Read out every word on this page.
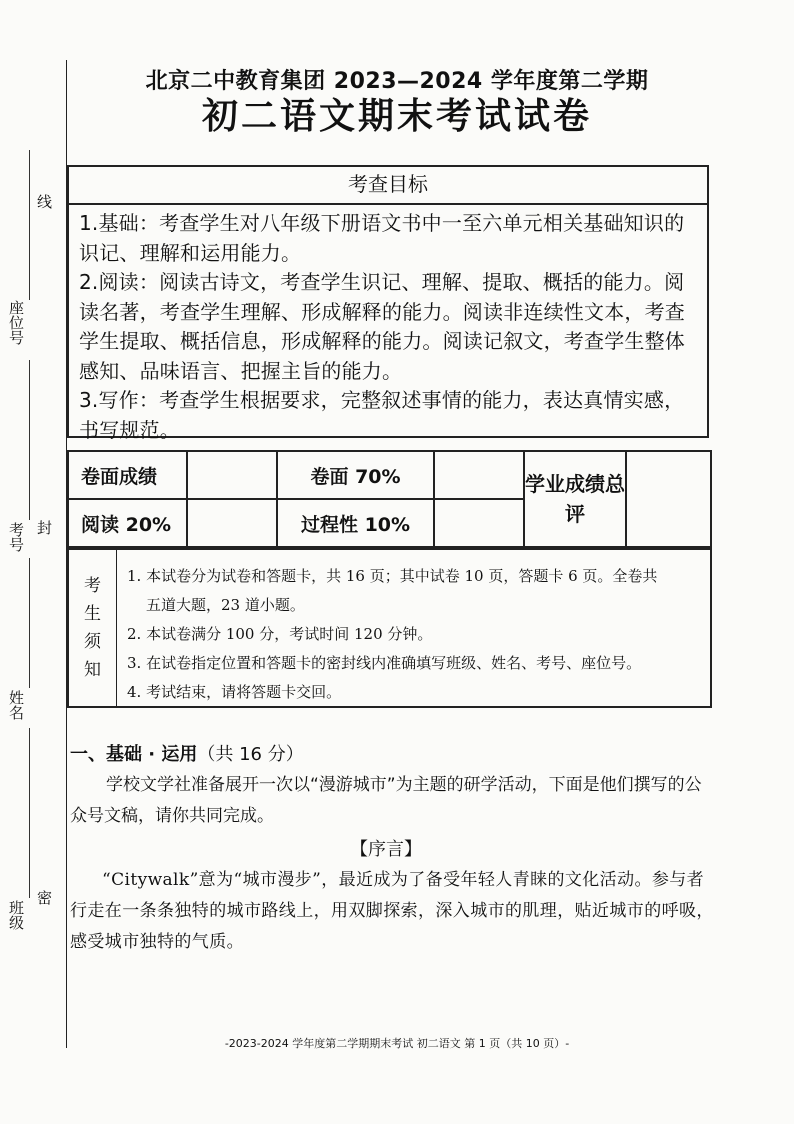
线
封
密
座位号
考号
姓名
班级
北京二中教育集团 2023—2024 学年度第二学期
初二语文期末考试试卷
考查目标

1.基础：考查学生对八年级下册语文书中一至六单元相关基础知识的识记、理解和运用能力。

2.阅读：阅读古诗文，考查学生识记、理解、提取、概括的能力。阅读名著，考查学生理解、形成解释的能力。阅读非连续性文本，考查学生提取、概括信息，形成解释的能力。阅读记叙文，考查学生整体感知、品味语言、把握主旨的能力。

3.写作：考查学生根据要求，完整叙述事情的能力，表达真情实感，书写规范。

卷面成绩		卷面 70%		学业成绩总评	
阅读 20%		过程性 10%			
考
生
须
知

1. 本试卷分为试卷和答题卡，共 16 页；其中试卷 10 页，答题卡 6 页。全卷共

五道大题，23 道小题。

2. 本试卷满分 100 分，考试时间 120 分钟。

3. 在试卷指定位置和答题卡的密封线内准确填写班级、姓名、考号、座位号。

4. 考试结束，请将答题卡交回。

一、基础 · 运用（共 16 分）
学校文学社准备展开一次以“漫游城市”为主题的研学活动，下面是他们撰写的公众号文稿，请你共同完成。
【序言】
“Citywalk”意为“城市漫步”，最近成为了备受年轻人青睐的文化活动。参与者行走在一条条独特的城市路线上，用双脚探索，深入城市的肌理，贴近城市的呼吸，感受城市独特的气质。
-2023-2024 学年度第二学期期末考试 初二语文 第 1 页（共 10 页）-
